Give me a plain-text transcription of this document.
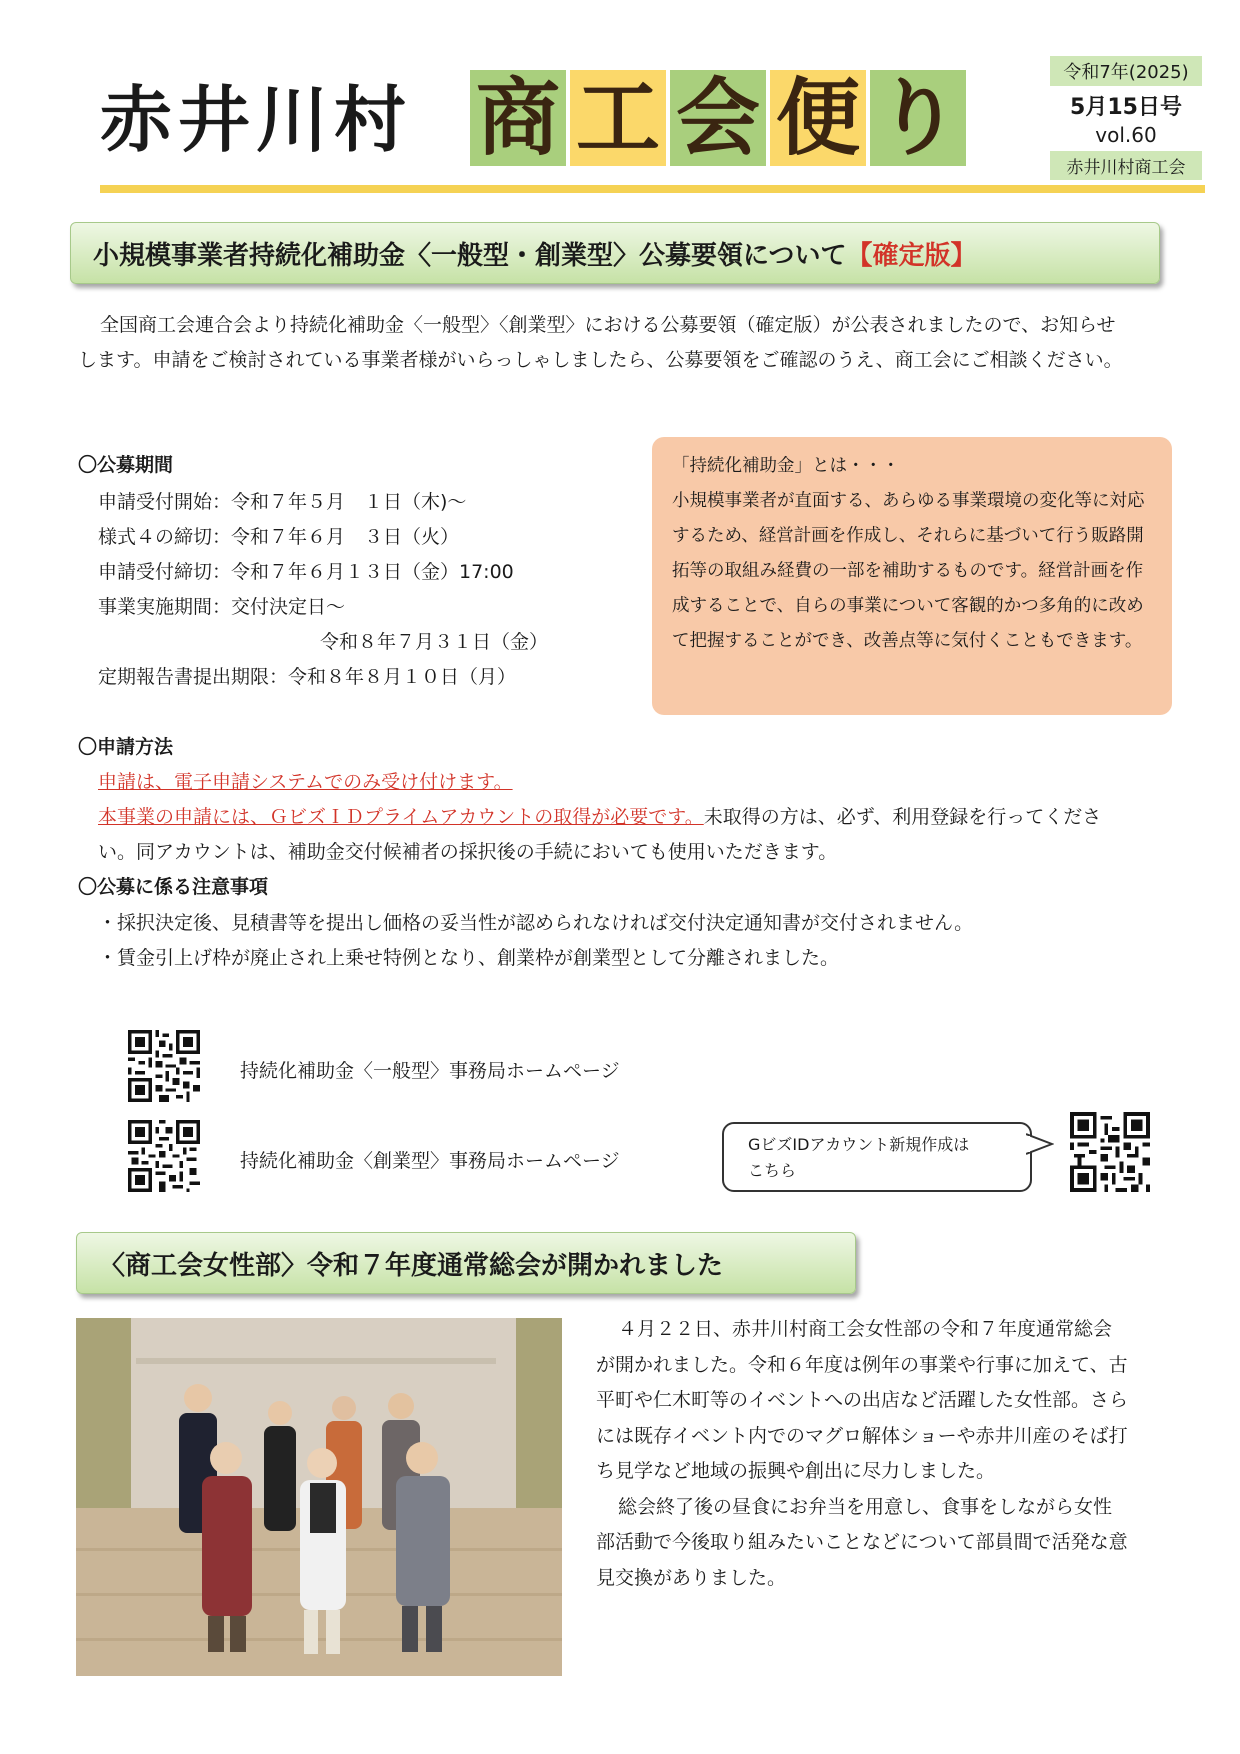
赤井川村 商 工 会 便 り	令和7年(2025)
5月15日号
vol.60
赤井川村商工会
小規模事業者持続化補助金〈一般型・創業型〉公募要領について 【確定版】
全国商工会連合会より持続化補助金〈一般型〉〈創業型〉における公募要領（確定版）が公表されましたので、お知らせします。申請をご検討されている事業者様がいらっしゃしましたら、公募要領をご確認のうえ、商工会にご相談ください。
〇公募期間
申請受付開始：令和７年５月　１日（木)～
様式４の締切：令和７年６月　３日（火）
申請受付締切：令和７年６月１３日（金）17:00
事業実施期間：交付決定日～
令和８年７月３１日（金）
定期報告書提出期限：令和８年８月１０日（月）
「持続化補助金」とは・・・
小規模事業者が直面する、あらゆる事業環境の変化等に対応するため、経営計画を作成し、それらに基づいて行う販路開拓等の取組み経費の一部を補助するものです。経営計画を作成することで、自らの事業について客観的かつ多角的に改めて把握することができ、改善点等に気付くこともできます。
〇申請方法
申請は、電子申請システムでのみ受け付けます。
本事業の申請には、ＧビズＩＤプライムアカウントの取得が必要です。未取得の方は、必ず、利用登録を行ってください。同アカウントは、補助金交付候補者の採択後の手続においても使用いただきます。
〇公募に係る注意事項
・採択決定後、見積書等を提出し価格の妥当性が認められなければ交付決定通知書が交付されません。
・賃金引上げ枠が廃止され上乗せ特例となり、創業枠が創業型として分離されました。
持続化補助金〈一般型〉事務局ホームページ
持続化補助金〈創業型〉事務局ホームページ
GビズIDアカウント新規作成は
こちら
〈商工会女性部〉令和７年度通常総会が開かれました

４月２２日、赤井川村商工会女性部の令和７年度通常総会が開かれました。令和６年度は例年の事業や行事に加えて、古平町や仁木町等のイベントへの出店など活躍した女性部。さらには既存イベント内でのマグロ解体ショーや赤井川産のそば打ち見学など地域の振興や創出に尽力しました。

総会終了後の昼食にお弁当を用意し、食事をしながら女性部活動で今後取り組みたいことなどについて部員間で活発な意見交換がありました。
